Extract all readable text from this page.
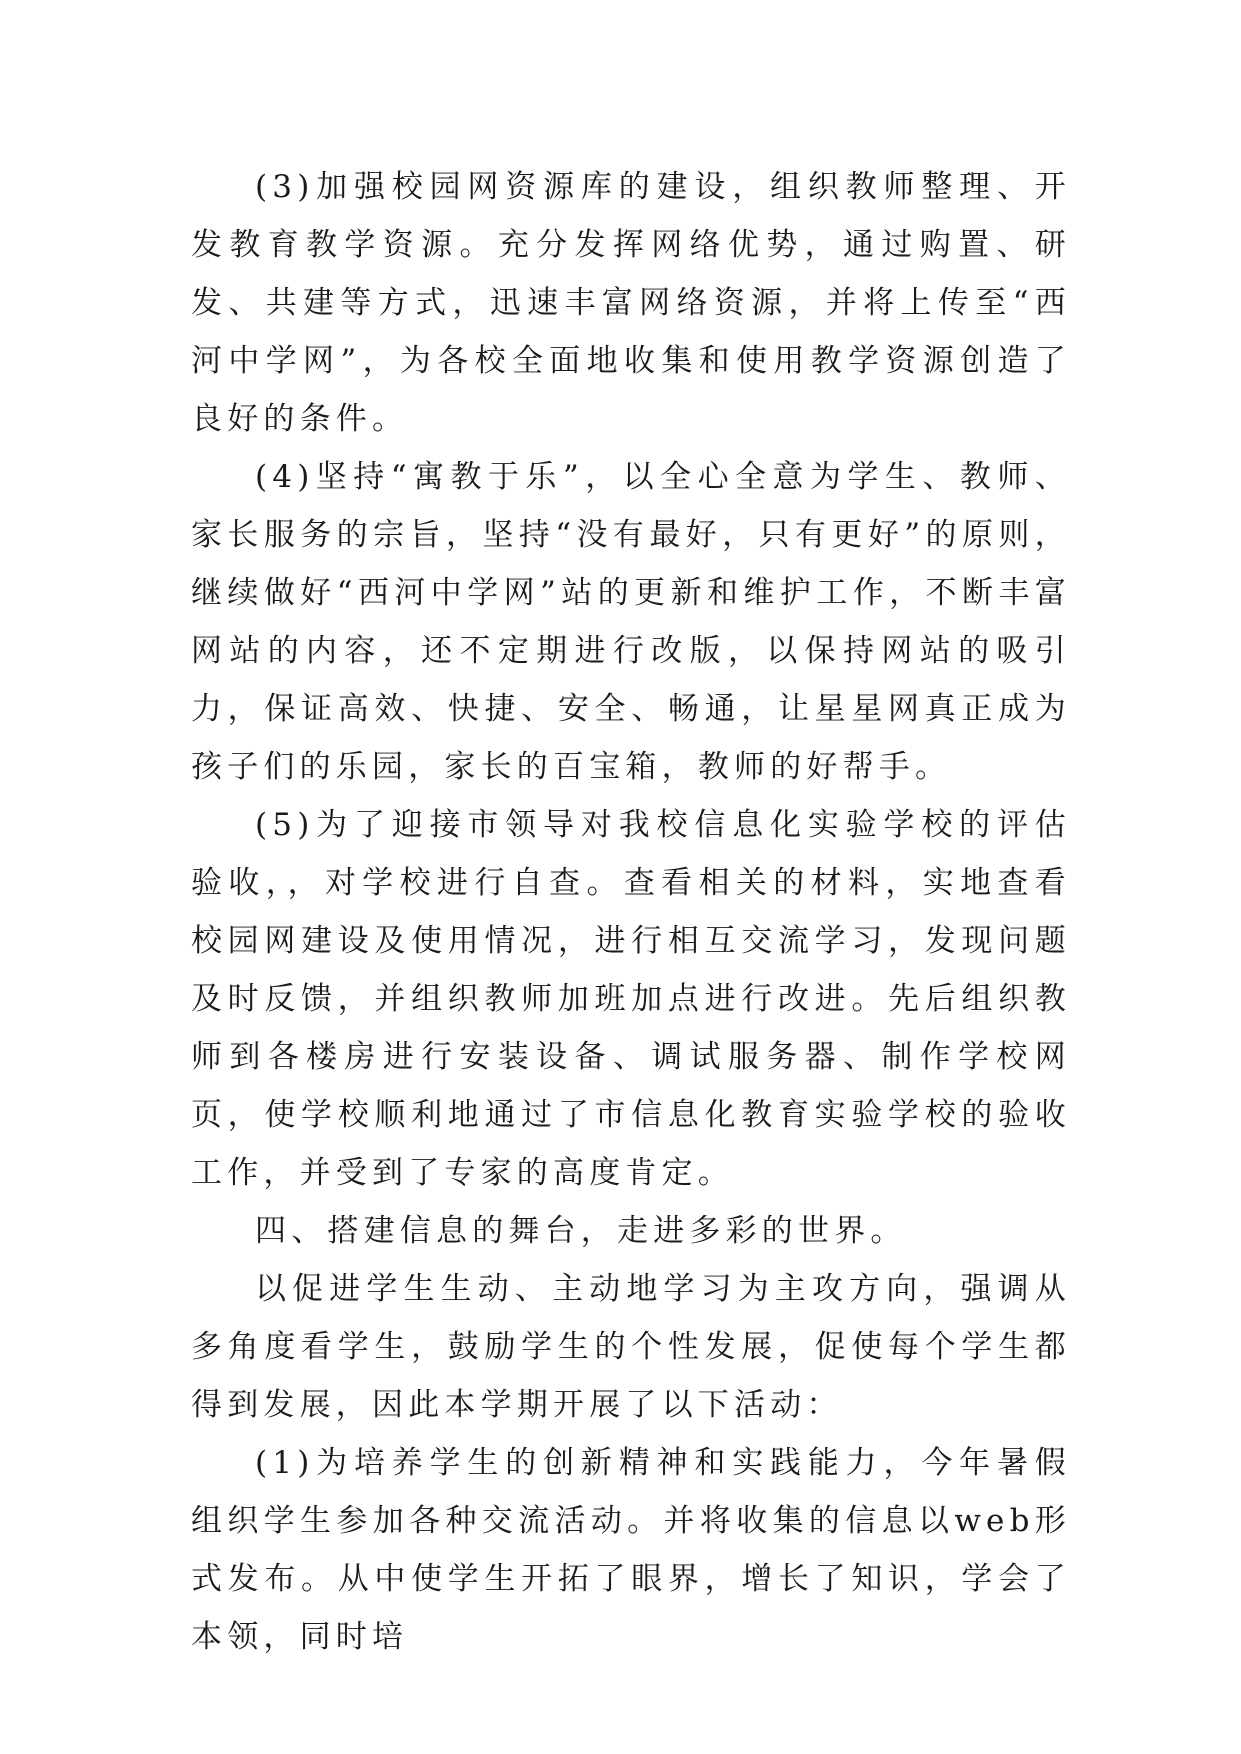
(3)加强校园网资源库的建设，组织教师整理、开发教育教学资源。充分发挥网络优势，通过购置、研发、共建等方式，迅速丰富网络资源，并将上传至“西河中学网”，为各校全面地收集和使用教学资源创造了良好的条件。

(4)坚持“寓教于乐”，以全心全意为学生、教师、家长服务的宗旨，坚持“没有最好，只有更好”的原则，继续做好“西河中学网”站的更新和维护工作，不断丰富网站的内容，还不定期进行改版，以保持网站的吸引力，保证高效、快捷、安全、畅通，让星星网真正成为孩子们的乐园，家长的百宝箱，教师的好帮手。

(5)为了迎接市领导对我校信息化实验学校的评估验收，，对学校进行自查。查看相关的材料，实地查看校园网建设及使用情况，进行相互交流学习，发现问题及时反馈，并组织教师加班加点进行改进。先后组织教师到各楼房进行安装设备、调试服务器、制作学校网页，使学校顺利地通过了市信息化教育实验学校的验收工作，并受到了专家的高度肯定。

四、搭建信息的舞台，走进多彩的世界。

以促进学生生动、主动地学习为主攻方向，强调从多角度看学生，鼓励学生的个性发展，促使每个学生都得到发展，因此本学期开展了以下活动：

(1)为培养学生的创新精神和实践能力，今年暑假组织学生参加各种交流活动。并将收集的信息以web形式发布。从中使学生开拓了眼界，增长了知识，学会了本领，同时培
